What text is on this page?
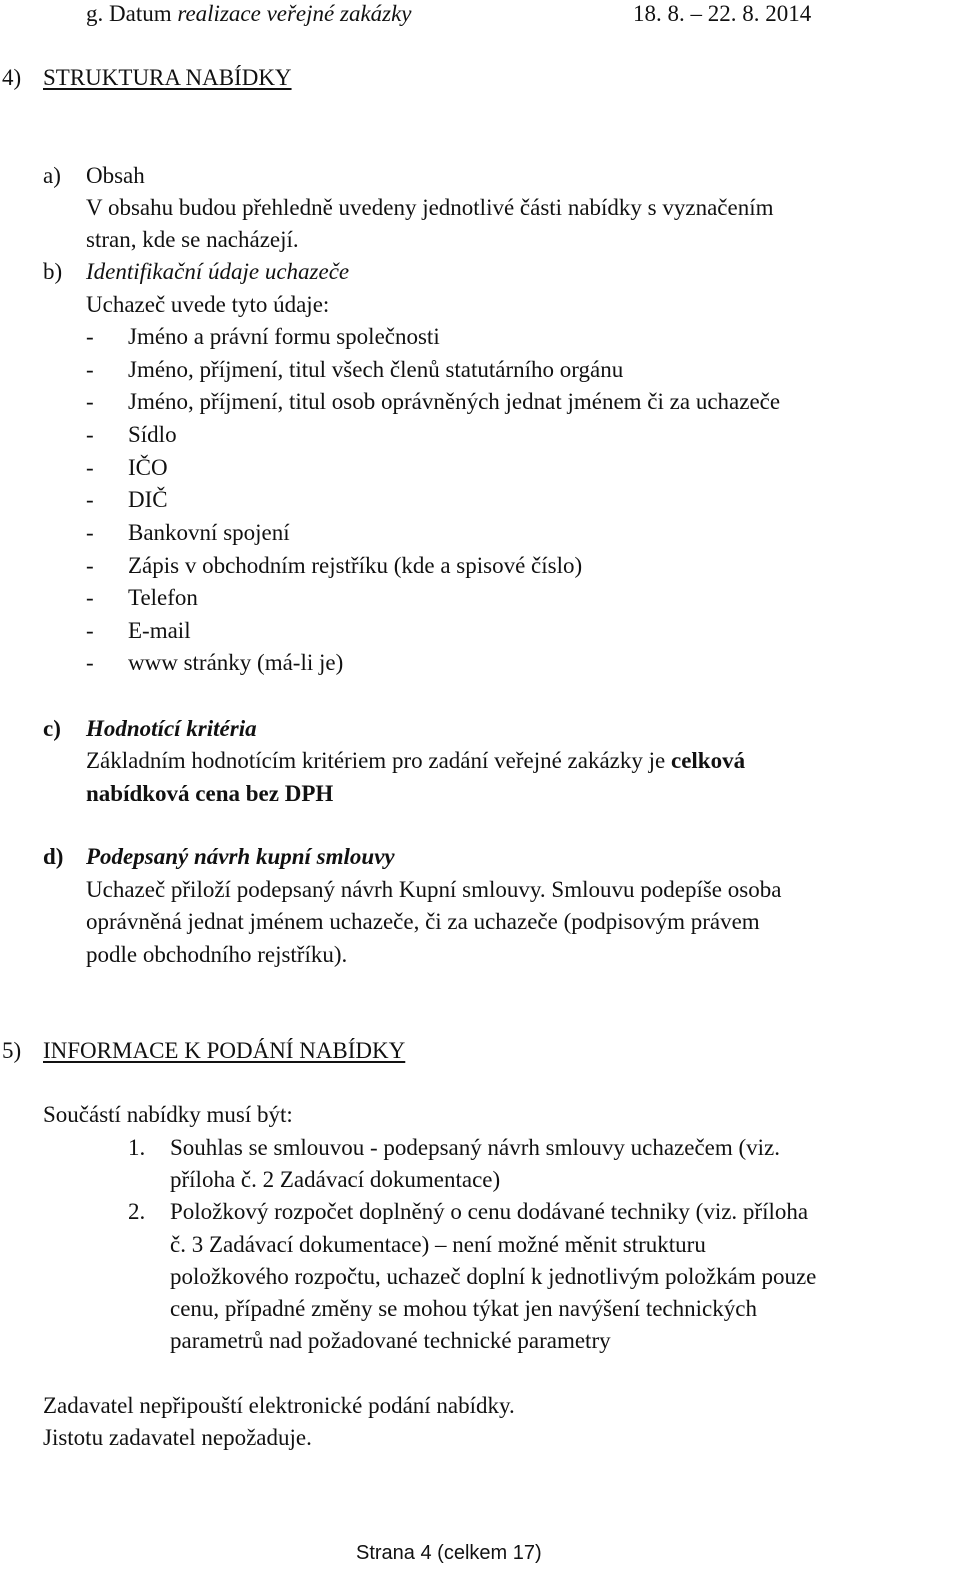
g. Datum realizace veřejné zakázky	18. 8. – 22. 8. 2014
4) STRUKTURA NABÍDKY
a) Obsah
V obsahu budou přehledně uvedeny jednotlivé části nabídky s vyznačením
stran, kde se nacházejí.
b) Identifikační údaje uchazeče
Uchazeč uvede tyto údaje:
- Jméno a právní formu společnosti
- Jméno, příjmení, titul všech členů statutárního orgánu
- Jméno, příjmení, titul osob oprávněných jednat jménem či za uchazeče
- Sídlo
- IČO
- DIČ
- Bankovní spojení
- Zápis v obchodním rejstříku (kde a spisové číslo)
- Telefon
- E-mail
- www stránky (má-li je)
c) Hodnotící kritéria
Základním hodnotícím kritériem pro zadání veřejné zakázky je celková
nabídková cena bez DPH
d) Podepsaný návrh kupní smlouvy
Uchazeč přiloží podepsaný návrh Kupní smlouvy. Smlouvu podepíše osoba
oprávněná jednat jménem uchazeče, či za uchazeče (podpisovým právem
podle obchodního rejstříku).
5) INFORMACE K PODÁNÍ NABÍDKY
Součástí nabídky musí být:
1. Souhlas se smlouvou - podepsaný návrh smlouvy uchazečem (viz.
příloha č. 2 Zadávací dokumentace)
2. Položkový rozpočet doplněný o cenu dodávané techniky (viz. příloha
č. 3 Zadávací dokumentace) – není možné měnit strukturu
položkového rozpočtu, uchazeč doplní k jednotlivým položkám pouze
cenu, případné změny se mohou týkat jen navýšení technických
parametrů nad požadované technické parametry
Zadavatel nepřipouští elektronické podání nabídky.
Jistotu zadavatel nepožaduje.
Strana 4 (celkem 17)
